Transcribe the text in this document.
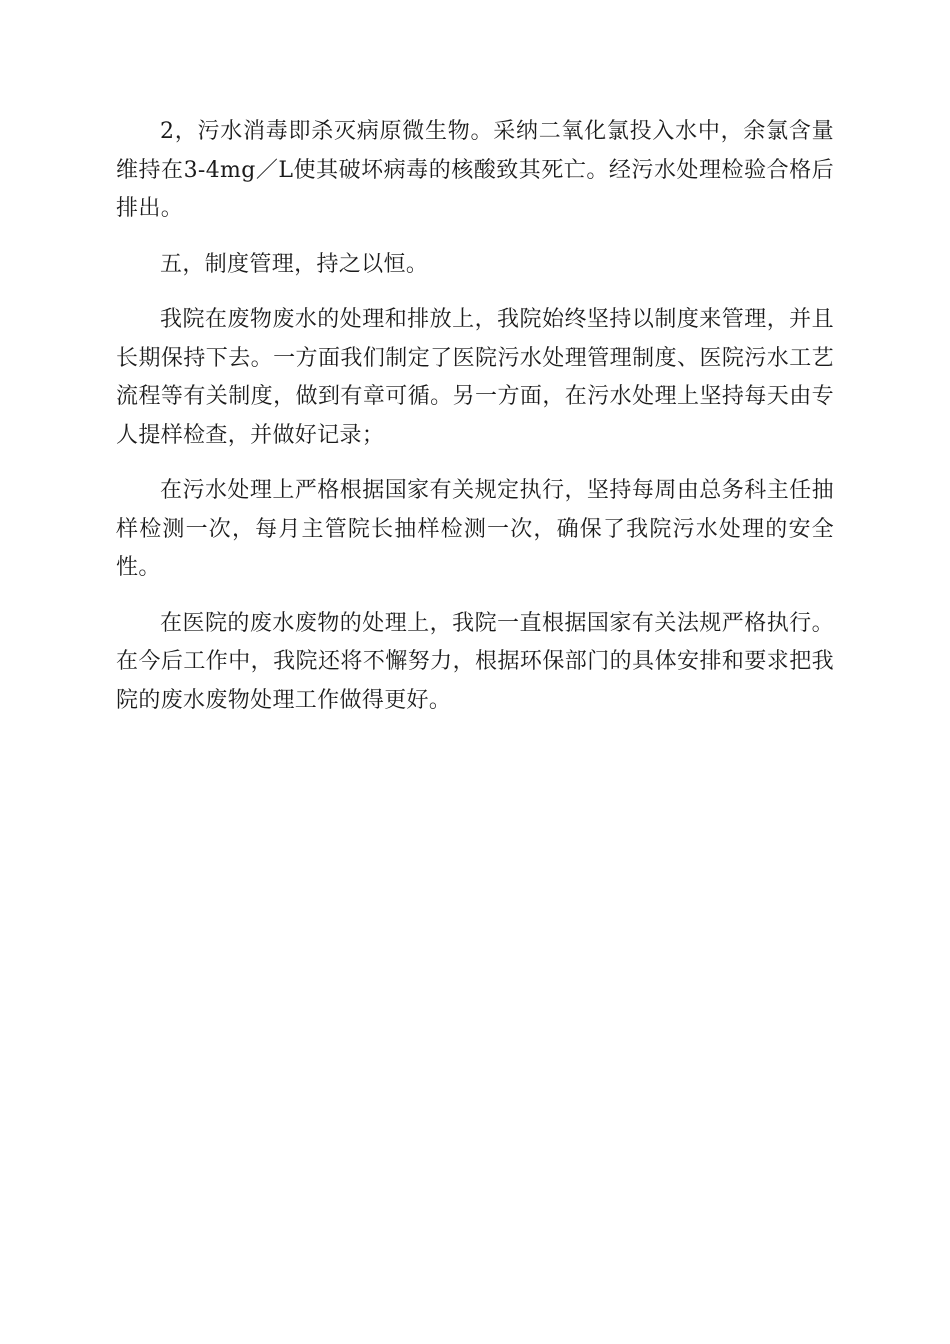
2，污水消毒即杀灭病原微生物。采纳二氧化氯投入水中，余氯含量维持在3-4mg／L使其破坏病毒的核酸致其死亡。经污水处理检验合格后排出。

五，制度管理，持之以恒。

我院在废物废水的处理和排放上，我院始终坚持以制度来管理，并且长期保持下去。一方面我们制定了医院污水处理管理制度、医院污水工艺流程等有关制度，做到有章可循。另一方面，在污水处理上坚持每天由专人提样检查，并做好记录；

在污水处理上严格根据国家有关规定执行，坚持每周由总务科主任抽样检测一次，每月主管院长抽样检测一次，确保了我院污水处理的安全性。

在医院的废水废物的处理上，我院一直根据国家有关法规严格执行。在今后工作中，我院还将不懈努力，根据环保部门的具体安排和要求把我院的废水废物处理工作做得更好。
